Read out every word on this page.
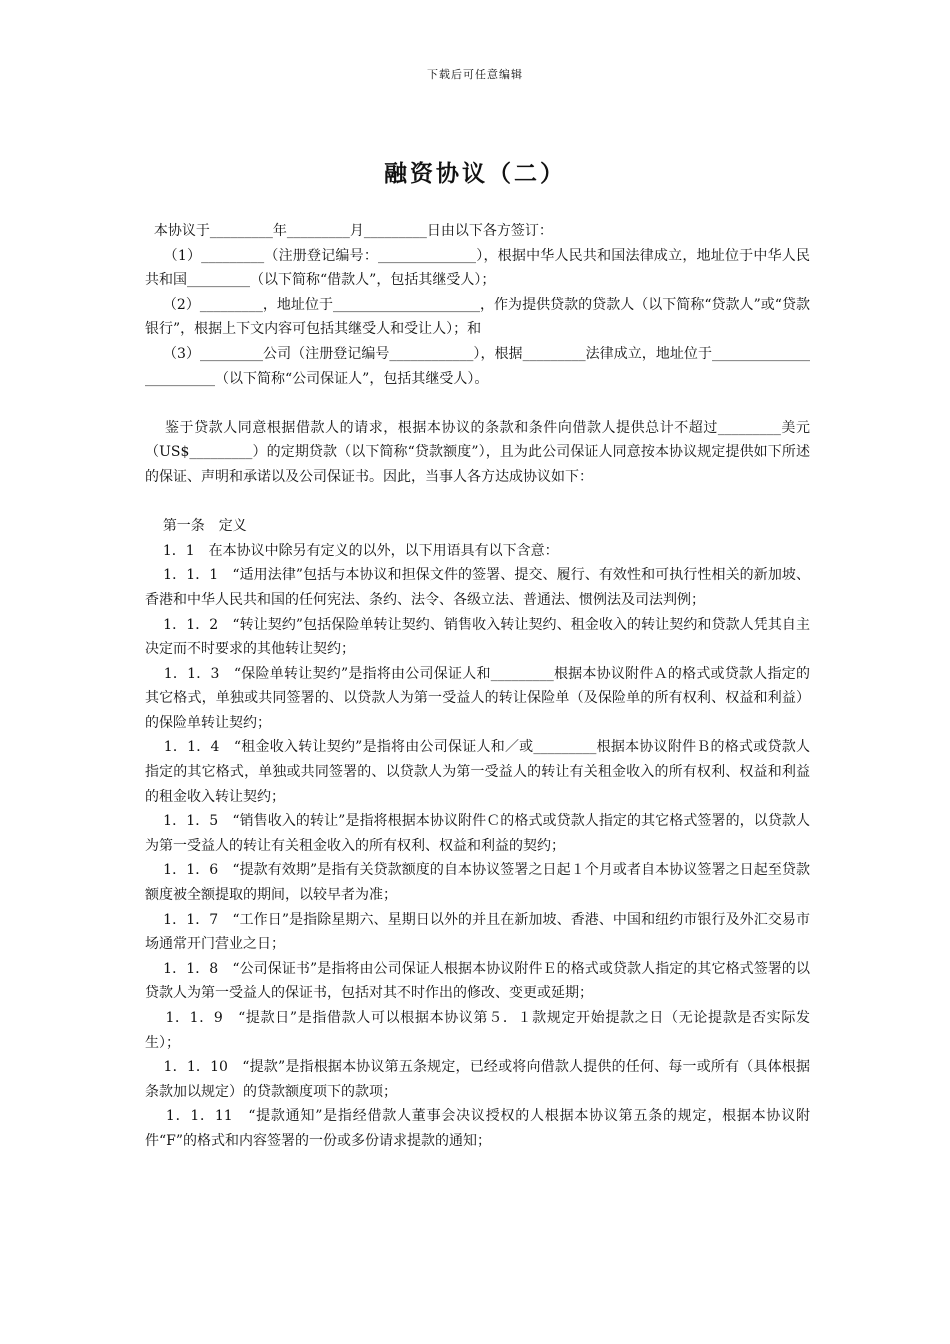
下载后可任意编辑
融资协议（二）

本协议于_________年_________月_________日由以下各方签订：

（1）_________（注册登记编号：______________），根据中华人民共和国法律成立，地址位于中华人民共和国_________（以下简称“借款人”，包括其继受人）；

（2）_________，地址位于_____________________，作为提供贷款的贷款人（以下简称“贷款人”或“贷款银行”，根据上下文内容可包括其继受人和受让人）；和

（3）_________公司（注册登记编号____________），根据_________法律成立，地址位于________________________（以下简称“公司保证人”，包括其继受人）。

鉴于贷款人同意根据借款人的请求，根据本协议的条款和条件向借款人提供总计不超过_________美元（US$_________）的定期贷款（以下简称“贷款额度”），且为此公司保证人同意按本协议规定提供如下所述的保证、声明和承诺以及公司保证书。因此，当事人各方达成协议如下：

第一条　定义

1．1　在本协议中除另有定义的以外，以下用语具有以下含意：

1．1．1　“适用法律”包括与本协议和担保文件的签署、提交、履行、有效性和可执行性相关的新加坡、香港和中华人民共和国的任何宪法、条约、法令、各级立法、普通法、惯例法及司法判例；

1．1．2　“转让契约”包括保险单转让契约、销售收入转让契约、租金收入的转让契约和贷款人凭其自主决定而不时要求的其他转让契约；

1．1．3　“保险单转让契约”是指将由公司保证人和_________根据本协议附件Ａ的格式或贷款人指定的其它格式，单独或共同签署的、以贷款人为第一受益人的转让保险单（及保险单的所有权利、权益和利益）的保险单转让契约；

1．1．4　“租金收入转让契约”是指将由公司保证人和／或_________根据本协议附件Ｂ的格式或贷款人指定的其它格式，单独或共同签署的、以贷款人为第一受益人的转让有关租金收入的所有权利、权益和利益的租金收入转让契约；

1．1．5　“销售收入的转让”是指将根据本协议附件Ｃ的格式或贷款人指定的其它格式签署的，以贷款人为第一受益人的转让有关租金收入的所有权利、权益和利益的契约；

1．1．6　“提款有效期”是指有关贷款额度的自本协议签署之日起１个月或者自本协议签署之日起至贷款额度被全额提取的期间，以较早者为准；

1．1．7　“工作日”是指除星期六、星期日以外的并且在新加坡、香港、中国和纽约市银行及外汇交易市场通常开门营业之日；

1．1．8　“公司保证书”是指将由公司保证人根据本协议附件Ｅ的格式或贷款人指定的其它格式签署的以贷款人为第一受益人的保证书，包括对其不时作出的修改、变更或延期；

1．1．9　“提款日”是指借款人可以根据本协议第５．１款规定开始提款之日（无论提款是否实际发生）；

1．1．10　“提款”是指根据本协议第五条规定，已经或将向借款人提供的任何、每一或所有（具体根据条款加以规定）的贷款额度项下的款项；

1．1．11　“提款通知”是指经借款人董事会决议授权的人根据本协议第五条的规定，根据本协议附件“F”的格式和内容签署的一份或多份请求提款的通知；
